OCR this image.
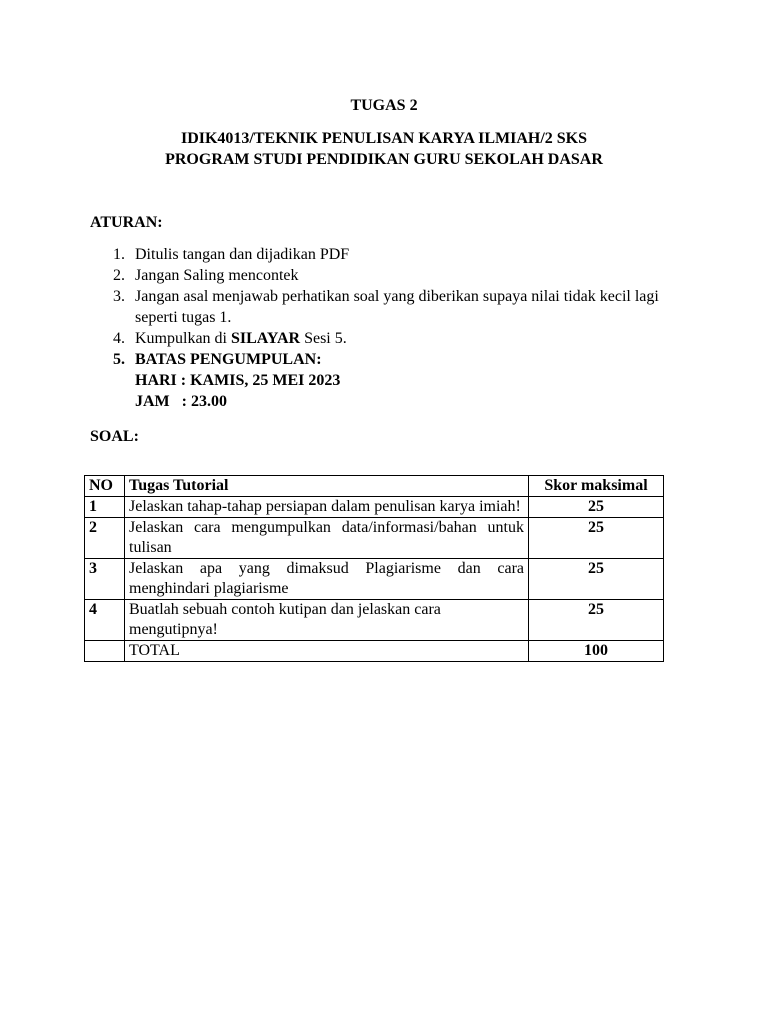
TUGAS 2
IDIK4013/TEKNIK PENULISAN KARYA ILMIAH/2 SKS
PROGRAM STUDI PENDIDIKAN GURU SEKOLAH DASAR
ATURAN:
1. Ditulis tangan dan dijadikan PDF
2. Jangan Saling mencontek
3. Jangan asal menjawab perhatikan soal yang diberikan supaya nilai tidak kecil lagi seperti tugas 1.
4. Kumpulkan di SILAYAR Sesi 5.
5. BATAS PENGUMPULAN:
HARI : KAMIS, 25 MEI 2023
JAM   : 23.00
SOAL:
NO	Tugas Tutorial	Skor maksimal
1	Jelaskan tahap-tahap persiapan dalam penulisan karya imiah!	25
2	Jelaskan cara mengumpulkan data/informasi/bahan untuk tulisan	25
3	Jelaskan apa yang dimaksud Plagiarisme dan cara menghindari plagiarisme	25
4	Buatlah sebuah contoh kutipan dan jelaskan cara mengutipnya!	25
	TOTAL	100
